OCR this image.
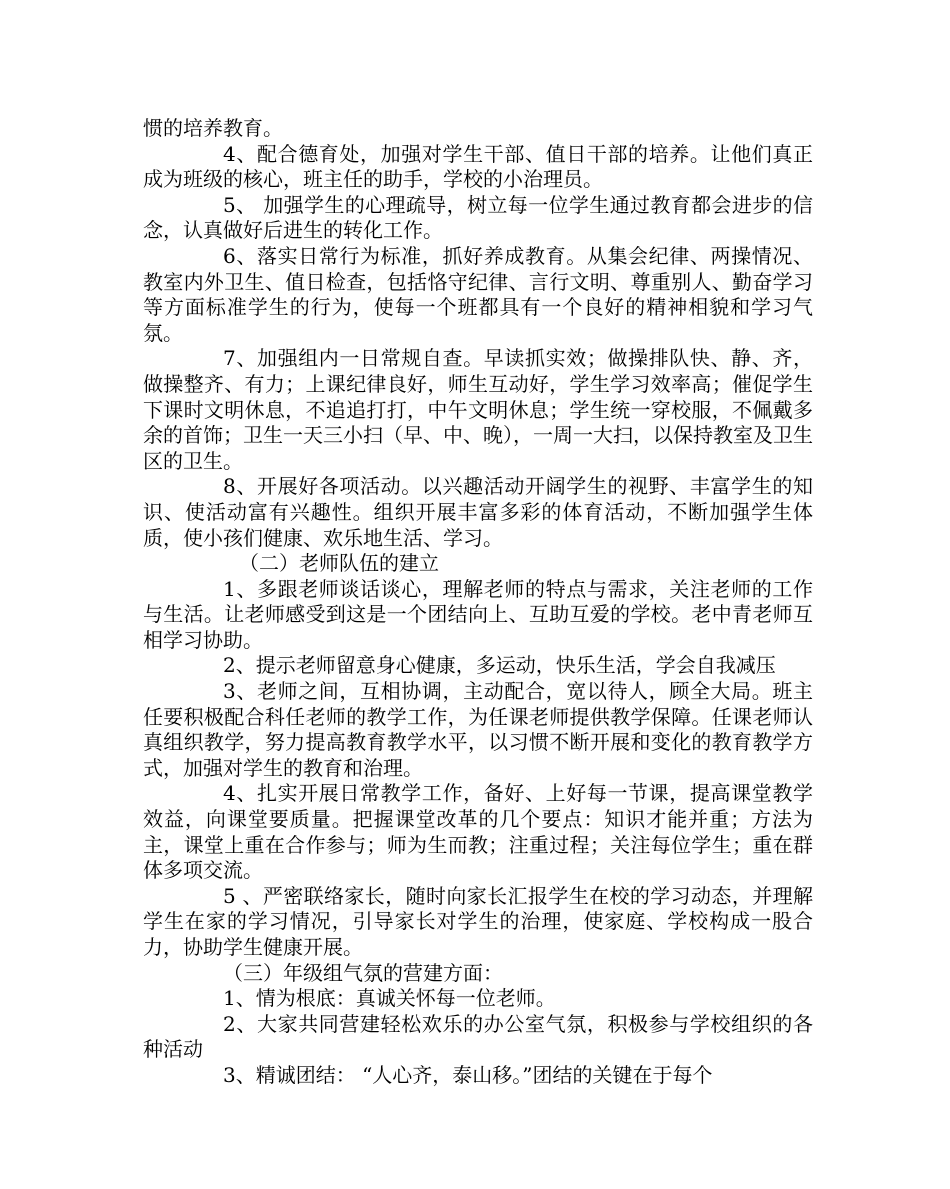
惯的培养教育。

4、配合德育处，加强对学生干部、值日干部的培养。让他们真正成为班级的核心，班主任的助手，学校的小治理员。

5、 加强学生的心理疏导，树立每一位学生通过教育都会进步的信念，认真做好后进生的转化工作。

6、落实日常行为标准，抓好养成教育。从集会纪律、两操情况、教室内外卫生、值日检查，包括恪守纪律、言行文明、尊重别人、勤奋学习等方面标准学生的行为，使每一个班都具有一个良好的精神相貌和学习气氛。

7、加强组内一日常规自查。早读抓实效；做操排队快、静、齐，做操整齐、有力；上课纪律良好，师生互动好，学生学习效率高；催促学生下课时文明休息，不追追打打，中午文明休息；学生统一穿校服，不佩戴多余的首饰；卫生一天三小扫（早、中、晚），一周一大扫，以保持教室及卫生区的卫生。

8、开展好各项活动。以兴趣活动开阔学生的视野、丰富学生的知识、使活动富有兴趣性。组织开展丰富多彩的体育活动，不断加强学生体质，使小孩们健康、欢乐地生活、学习。

（二）老师队伍的建立

1、多跟老师谈话谈心，理解老师的特点与需求，关注老师的工作与生活。让老师感受到这是一个团结向上、互助互爱的学校。老中青老师互相学习协助。

2、提示老师留意身心健康，多运动，快乐生活，学会自我减压

3、老师之间，互相协调，主动配合，宽以待人，顾全大局。班主任要积极配合科任老师的教学工作，为任课老师提供教学保障。任课老师认真组织教学，努力提高教育教学水平，以习惯不断开展和变化的教育教学方式，加强对学生的教育和治理。

4、扎实开展日常教学工作，备好、上好每一节课，提高课堂教学效益，向课堂要质量。把握课堂改革的几个要点：知识才能并重；方法为主，课堂上重在合作参与；师为生而教；注重过程；关注每位学生；重在群体多项交流。

5 、严密联络家长，随时向家长汇报学生在校的学习动态，并理解学生在家的学习情况，引导家长对学生的治理，使家庭、学校构成一股合力，协助学生健康开展。

（三）年级组气氛的营建方面：

1、情为根底：真诚关怀每一位老师。

2、大家共同营建轻松欢乐的办公室气氛，积极参与学校组织的各种活动

3、精诚团结： “人心齐，泰山移。”团结的关键在于每个
